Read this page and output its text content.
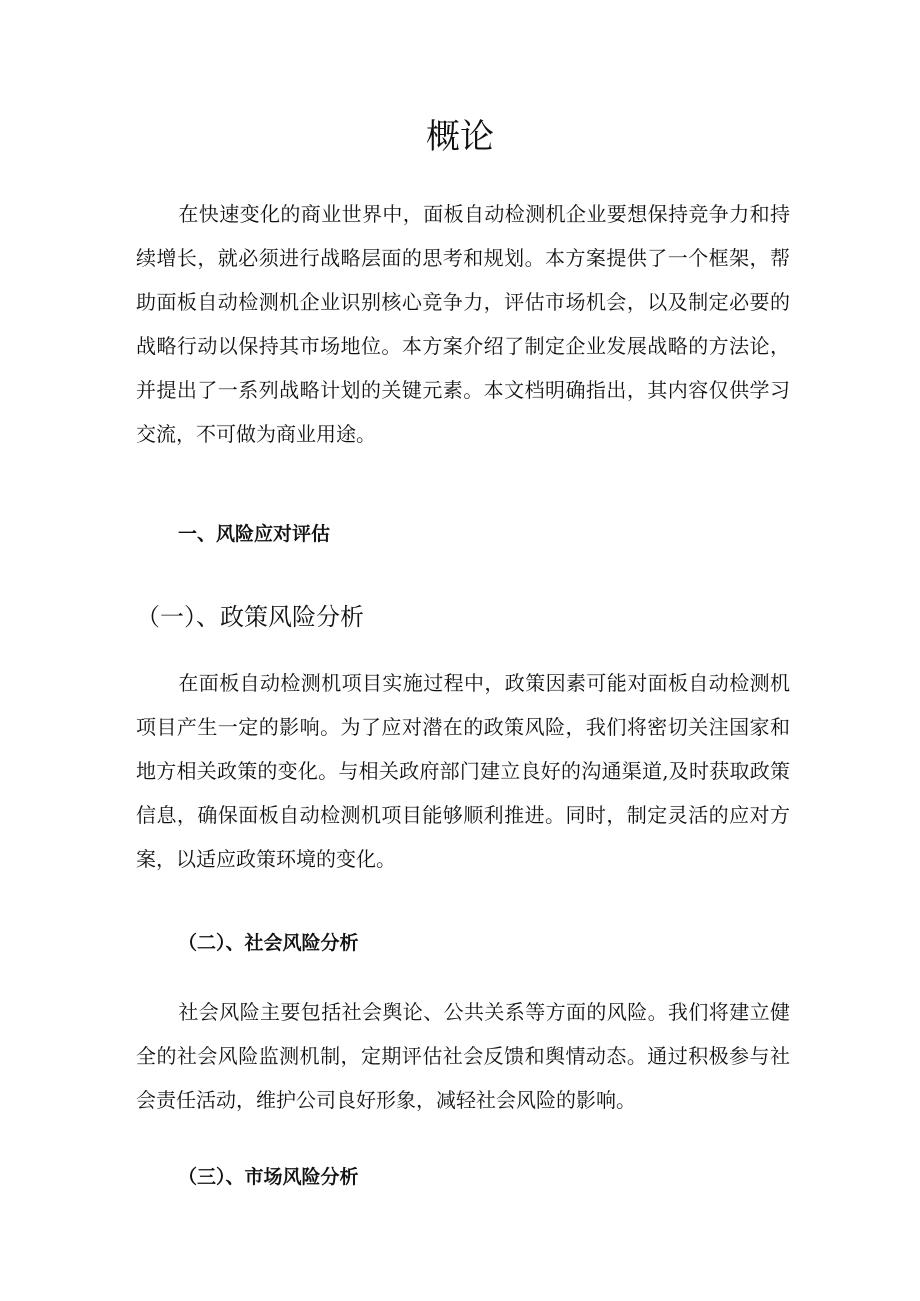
概论

在快速变化的商业世界中，面板自动检测机企业要想保持竞争力和持续增长，就必须进行战略层面的思考和规划。本方案提供了一个框架，帮助面板自动检测机企业识别核心竞争力，评估市场机会，以及制定必要的战略行动以保持其市场地位。本方案介绍了制定企业发展战略的方法论，并提出了一系列战略计划的关键元素。本文档明确指出，其内容仅供学习交流，不可做为商业用途。

一、风险应对评估
（一）、政策风险分析

在面板自动检测机项目实施过程中，政策因素可能对面板自动检测机项目产生一定的影响。为了应对潜在的政策风险，我们将密切关注国家和地方相关政策的变化。与相关政府部门建立良好的沟通渠道,及时获取政策信息，确保面板自动检测机项目能够顺利推进。同时，制定灵活的应对方案，以适应政策环境的变化。

（二）、社会风险分析

社会风险主要包括社会舆论、公共关系等方面的风险。我们将建立健全的社会风险监测机制，定期评估社会反馈和舆情动态。通过积极参与社会责任活动，维护公司良好形象，减轻社会风险的影响。

（三）、市场风险分析
